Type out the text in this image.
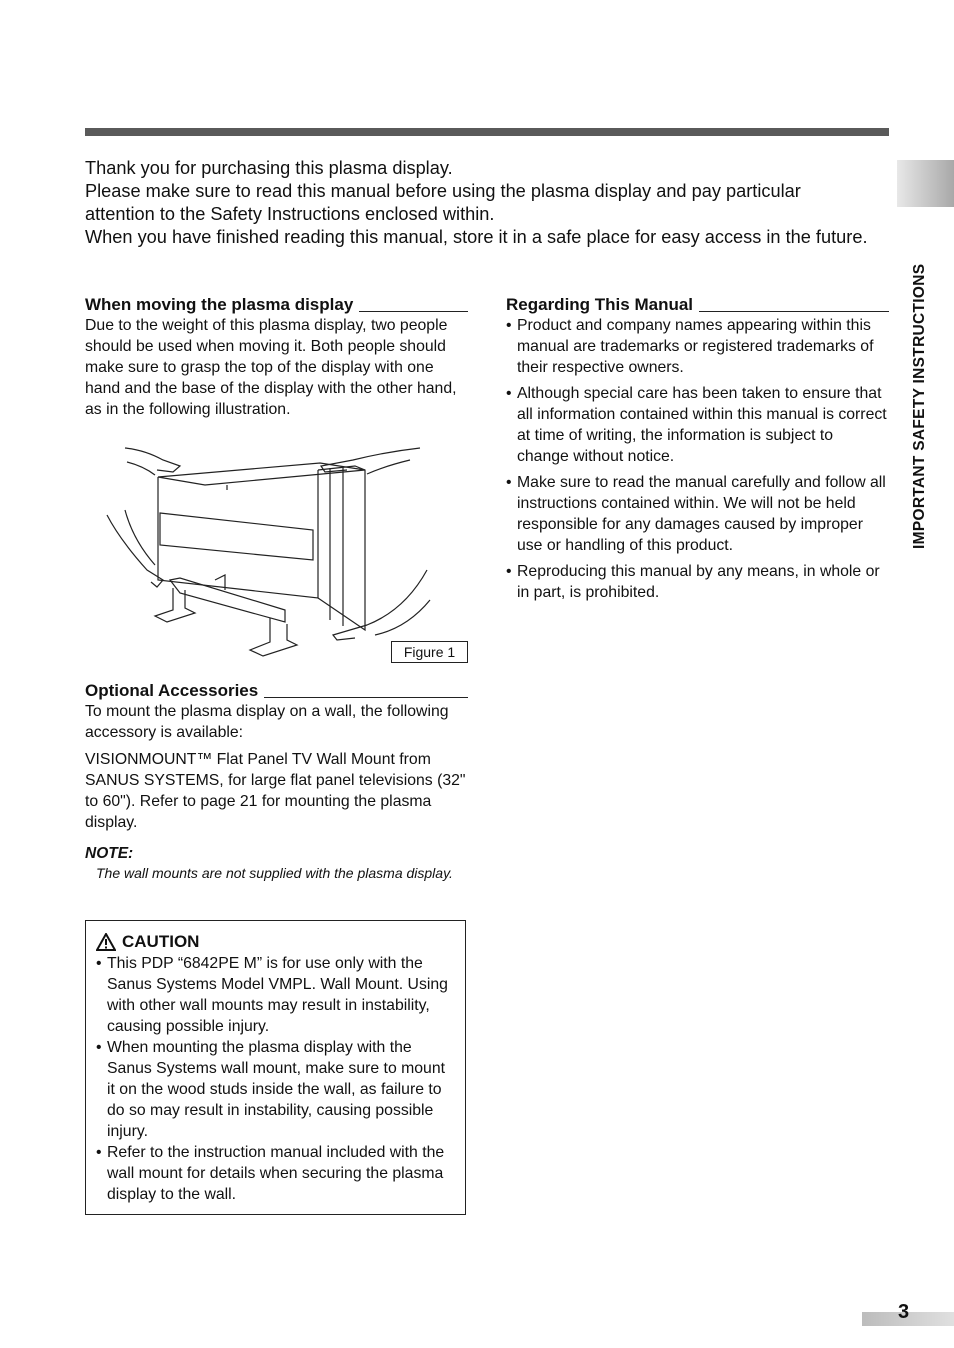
IMPORTANT SAFETY INSTRUCTIONS

Thank you for purchasing this plasma display.

Please make sure to read this manual before using the plasma display and pay particular attention to the Safety Instructions enclosed within.

When you have finished reading this manual, store it in a safe place for easy access in the future.

When moving the plasma display

Due to the weight of this plasma display, two people should be used when moving it. Both people should make sure to grasp the top of the display with one hand and the base of the display with the other hand, as in the following illustration.

Figure 1
Optional Accessories

To mount the plasma display on a wall, the following accessory is available:

VISIONMOUNT™ Flat Panel TV Wall Mount from SANUS SYSTEMS, for large flat panel televisions (32" to 60"). Refer to page 21 for mounting the plasma display.

NOTE:

The wall mounts are not supplied with the plasma display.

CAUTION
• This PDP “6842PE M” is for use only with the Sanus Systems Model VMPL. Wall Mount. Using with other wall mounts may result in instability, causing possible injury.
• When mounting the plasma display with the Sanus Systems wall mount, make sure to mount it on the wood studs inside the wall, as failure to do so may result in instability, causing possible injury.
• Refer to the instruction manual included with the wall mount for details when securing the plasma display to the wall.
Regarding This Manual
• Product and company names appearing within this manual are trademarks or registered trademarks of their respective owners.
• Although special care has been taken to ensure that all information contained within this manual is correct at time of writing, the information is subject to change without notice.
• Make sure to read the manual carefully and follow all instructions contained within. We will not be held responsible for any damages caused by improper use or handling of this product.
• Reproducing this manual by any means, in whole or in part, is prohibited.
3
